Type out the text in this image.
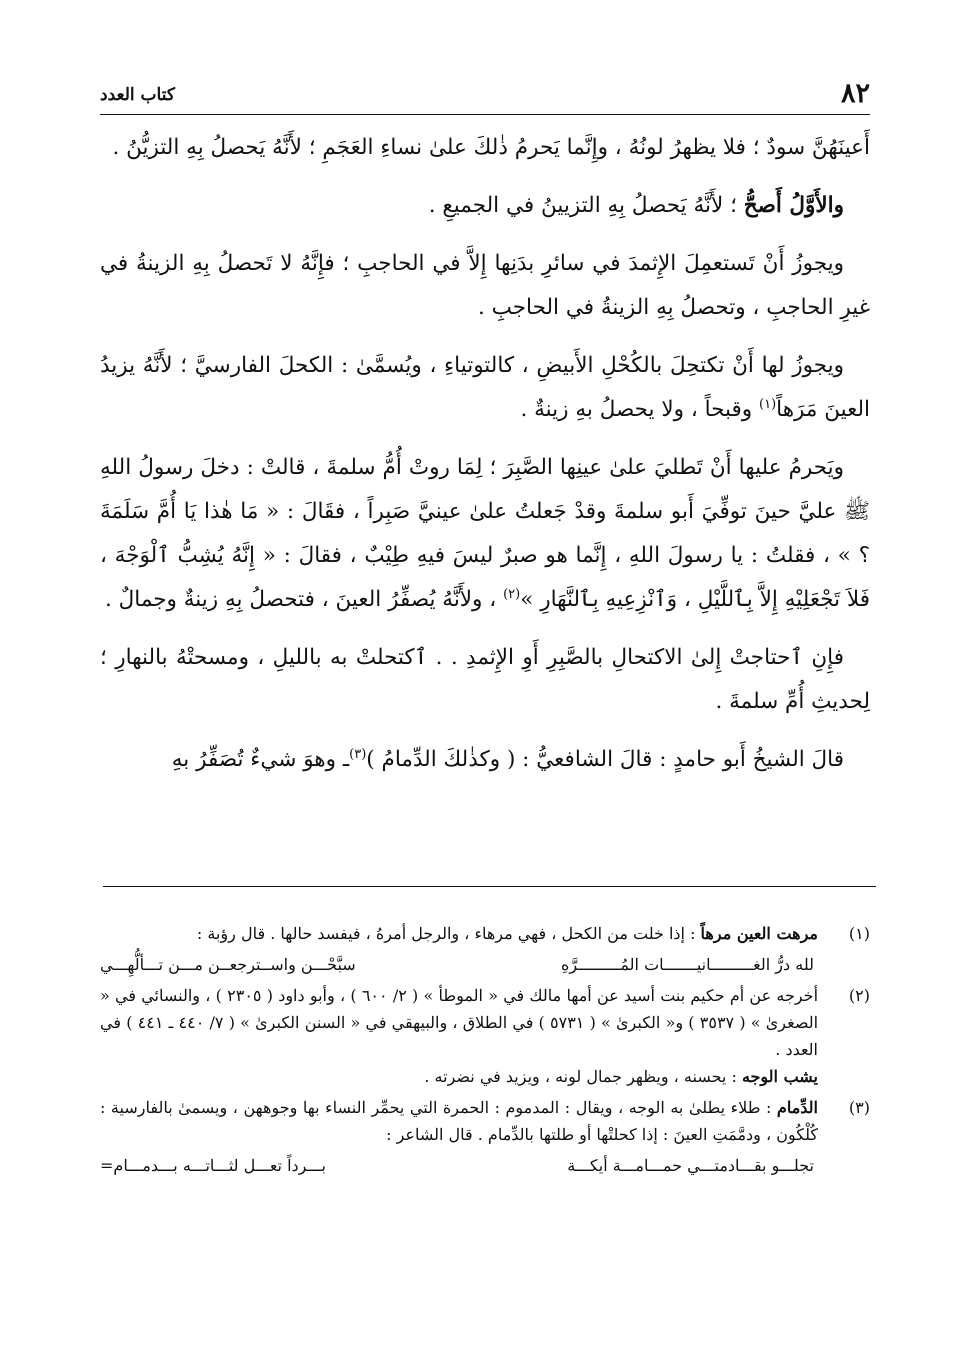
٨٢
كتاب العدد

أَعينَهُنَّ سودٌ ؛ فلا يظهرُ لونُهُ ، وإِنَّما يَحرمُ ذٰلكَ علىٰ نساءِ العَجَمِ ؛ لأَنَّهُ يَحصلُ بِهِ التزيُّنُ .

والأَوَّلُ أَصحُّ ؛ لأَنَّهُ يَحصلُ بِهِ التزيينُ في الجميعِ .

ويجوزُ أَنْ تَستعمِلَ الإِثمدَ في سائرِ بدَنِها إِلاَّ في الحاجبِ ؛ فإِنَّهُ لا تَحصلُ بِهِ الزينةُ في غيرِ الحاجبِ ، وتحصلُ بِهِ الزينةُ في الحاجبِ .

ويجوزُ لها أَنْ تكتحِلَ بالكُحْلِ الأَبيضِ ، كالتوتياءِ ، ويُسمَّىٰ : الكحلَ الفارسيَّ ؛ لأَنَّهُ يزيدُ العينَ مَرَهاً$^{(١)}$ وقبحاً ، ولا يحصلُ بهِ زينةٌ .

ويَحرمُ عليها أَنْ تَطليَ علىٰ عينِها الصَّبِرَ ؛ لِمَا روتْ أُمُّ سلمةَ ، قالتْ : دخلَ رسولُ اللهِ ﷺ عليَّ حينَ توفِّيَ أَبو سلمةَ وقدْ جَعلتُ علىٰ عينيَّ صَبِراً ، فقَالَ : « مَا هٰذا يَا أُمَّ سَلَمَةَ ؟ » ، فقلتُ : يا رسولَ اللهِ ، إِنَّما هو صبرٌ ليسَ فيهِ طِيْبٌ ، فقالَ : « إِنَّهُ يُشِبُّ ٱلْوَجْهَ ، فَلاَ تَجْعَلِيْهِ إِلاَّ بِٱللَّيْلِ ، وَٱنْزِعِيهِ بِٱلنَّهَارِ »$^{(٢)}$ ، ولأَنَّهُ يُصفِّرُ العينَ ، فتحصلُ بِهِ زينةٌ وجمالٌ .

فإِنِ ٱحتاجتْ إِلىٰ الاكتحالِ بالصَّبِرِ أَوِ الإِثمدِ . . ٱكتحلتْ به بالليلِ ، ومسحتْهُ بالنهارِ ؛ لِحديثِ أُمِّ سلمةَ .

قالَ الشيخُ أَبو حامدٍ : قالَ الشافعيُّ : ( وكذٰلكَ الدِّمامُ )$^{(٣)}$ـ وهوَ شيءٌ تُصَفِّرُ بهِ

(١)
مرهت العين مرهاً : إذا خلت من الكحل ، فهي مرهاء ، والرجل أمرهُ ، فيفسد حالها . قال رؤبة :
لله درُّ الغـــــــــانيـــــــات المُـــــــــرَّهِ
سبَّحْـــن واســترجعــن مـــن تـــألُّهِـــي
(٢)
أخرجه عن أم حكيم بنت أسيد عن أمها مالك في « الموطأ » ( ٢/ ٦٠٠ ) ، وأبو داود ( ٢٣٠٥ ) ، والنسائي في « الصغرىٰ » ( ٣٥٣٧ ) و« الكبرىٰ » ( ٥٧٣١ ) في الطلاق ، والبيهقي في « السنن الكبرىٰ » ( ٧/ ٤٤٠ ـ ٤٤١ ) في العدد .
يشب الوجه : يحسنه ، ويظهر جمال لونه ، ويزيد في نضرته .
(٣)
الدِّمام : طلاء يطلىٰ به الوجه ، ويقال : المدموم : الحمرة التي يحمِّر النساء بها وجوههن ، ويسمىٰ بالفارسية : كُلْكُون ، ودمَّمَتِ العينَ : إذا كحلتْها أو طلتها بالدِّمام . قال الشاعر :
تجلـــو بقـــادمتـــي حمـــامـــة أيكـــة
بـــرداً تعـــل لثـــاتـــه بـــدمـــام=
